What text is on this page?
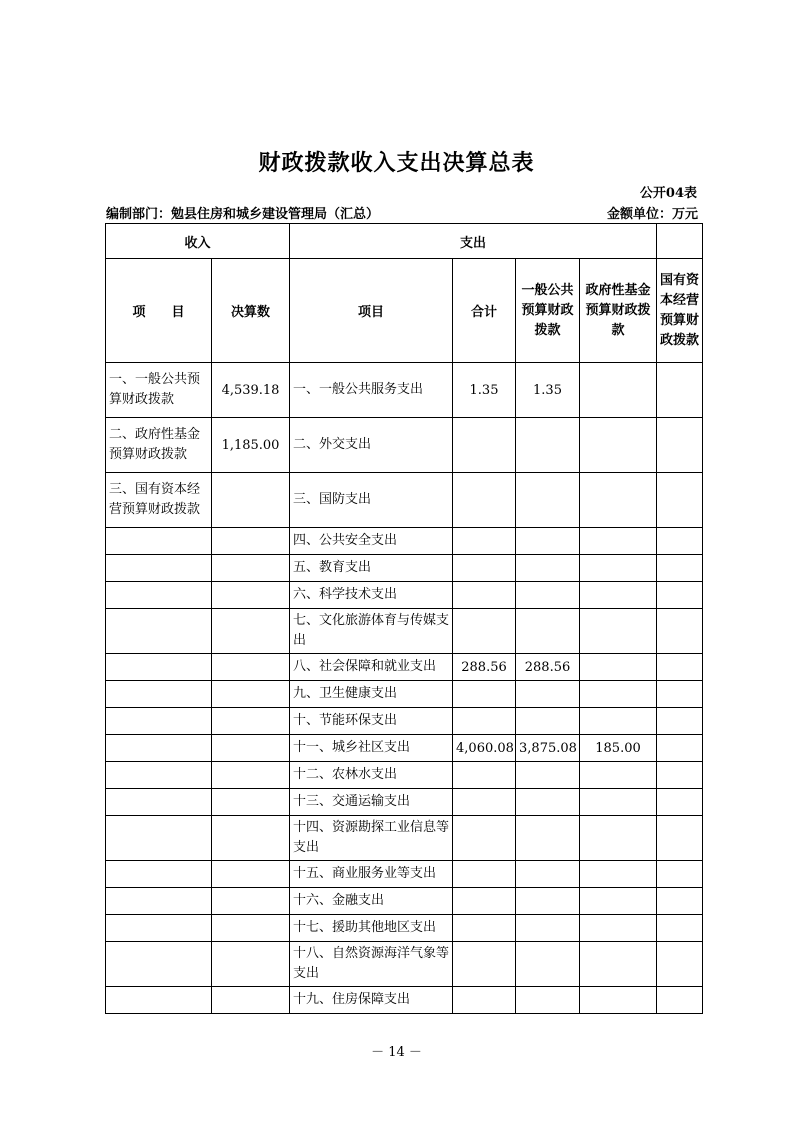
财政拨款收入支出决算总表
公开04表
编制部门：勉县住房和城乡建设管理局（汇总）	金额单位：万元
收入		支出				
项　　目	决算数	项目	合计	一般公共预算财政拨款	政府性基金预算财政拨款	国有资本经营预算财政拨款
一、一般公共预算财政拨款	4,539.18	一、一般公共服务支出	1.35	1.35		
二、政府性基金预算财政拨款	1,185.00	二、外交支出				
三、国有资本经营预算财政拨款		三、国防支出				
		四、公共安全支出				
		五、教育支出				
		六、科学技术支出				
		七、文化旅游体育与传媒支出				
		八、社会保障和就业支出	288.56	288.56		
		九、卫生健康支出				
		十、节能环保支出				
		十一、城乡社区支出	4,060.08	3,875.08	185.00	
		十二、农林水支出				
		十三、交通运输支出				
		十四、资源勘探工业信息等支出				
		十五、商业服务业等支出				
		十六、金融支出				
		十七、援助其他地区支出				
		十八、自然资源海洋气象等支出				
		十九、住房保障支出				
－ 14 －
